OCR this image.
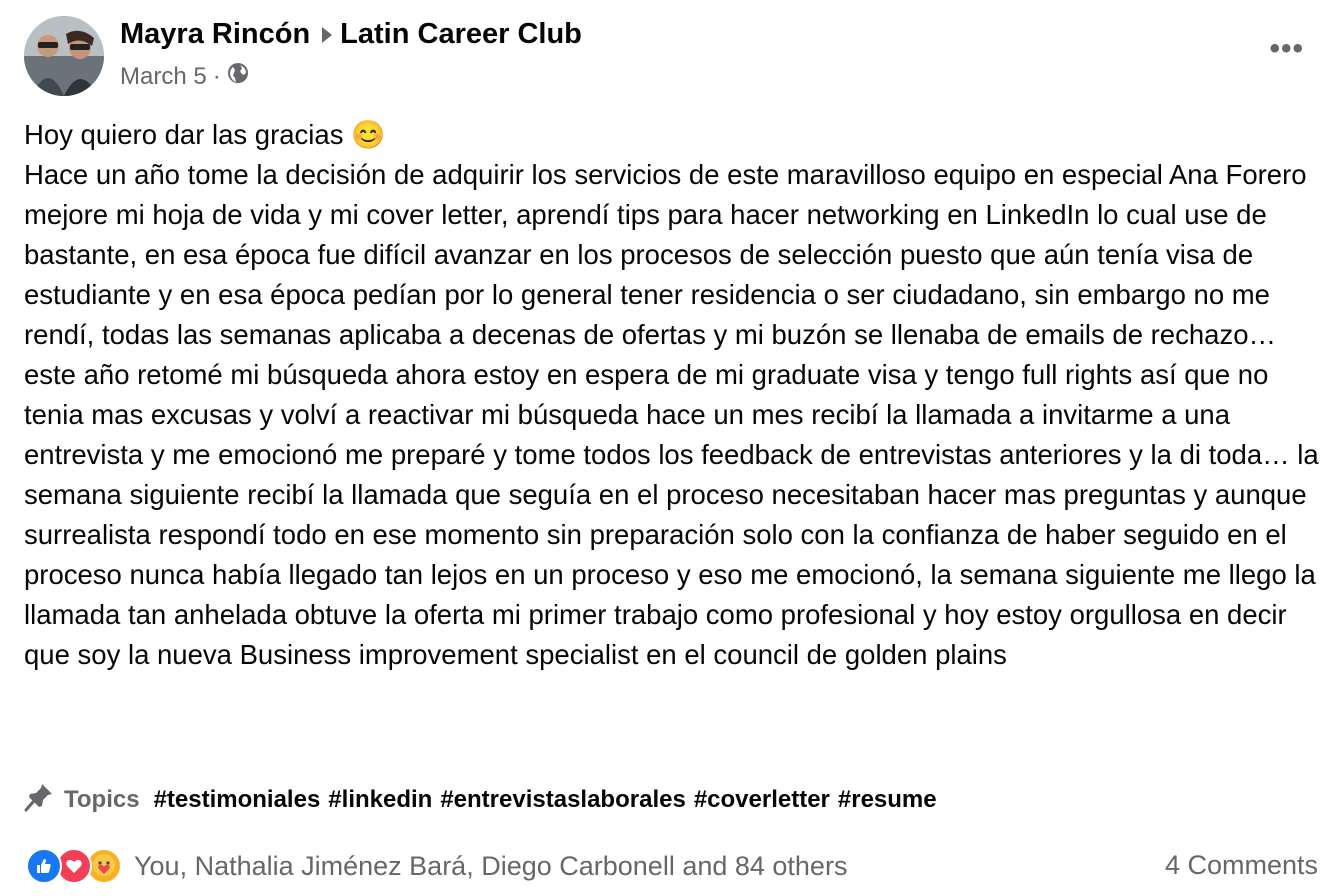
Mayra Rincón Latin Career Club
March 5 ·
•••
Hoy quiero dar las gracias 😊
Hace un año tome la decisión de adquirir los servicios de este maravilloso equipo en especial Ana Forero mejore mi hoja de vida y mi cover letter, aprendí tips para hacer networking en LinkedIn lo cual use de bastante, en esa época fue difícil avanzar en los procesos de selección puesto que aún tenía visa de estudiante y en esa época pedían por lo general tener residencia o ser ciudadano, sin embargo no me rendí, todas las semanas aplicaba a decenas de ofertas y mi buzón se llenaba de emails de rechazo… este año retomé mi búsqueda ahora estoy en espera de mi graduate visa y tengo full rights así que no tenia mas excusas y volví a reactivar mi búsqueda hace un mes recibí la llamada a invitarme a una entrevista y me emocionó me preparé y tome todos los feedback de entrevistas anteriores y la di toda… la semana siguiente recibí la llamada que seguía en el proceso necesitaban hacer mas preguntas y aunque surrealista respondí todo en ese momento sin preparación solo con la confianza de haber seguido en el proceso nunca había llegado tan lejos en un proceso y eso me emocionó, la semana siguiente me llego la llamada tan anhelada obtuve la oferta mi primer trabajo como profesional y hoy estoy orgullosa en decir que soy la nueva Business improvement specialist en el council de golden plains
Topics #testimoniales #linkedin #entrevistaslaborales #coverletter #resume
You, Nathalia Jiménez Bará, Diego Carbonell and 84 others	4 Comments
